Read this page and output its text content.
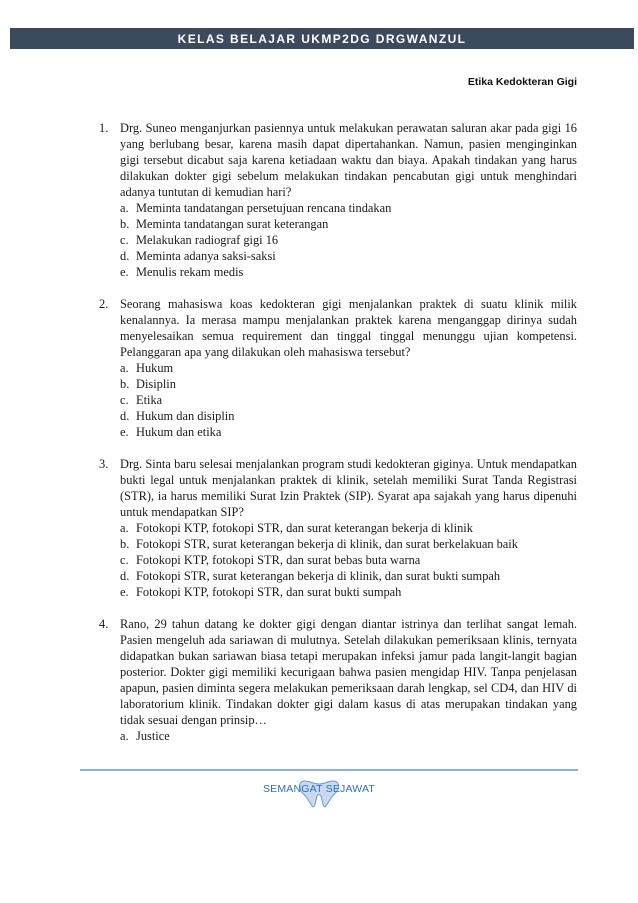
KELAS BELAJAR UKMP2DG DRGWANZUL
Etika Kedokteran Gigi
1. Drg. Suneo menganjurkan pasiennya untuk melakukan perawatan saluran akar pada gigi 16 yang berlubang besar, karena masih dapat dipertahankan. Namun, pasien menginginkan gigi tersebut dicabut saja karena ketiadaan waktu dan biaya. Apakah tindakan yang harus dilakukan dokter gigi sebelum melakukan tindakan pencabutan gigi untuk menghindari adanya tuntutan di kemudian hari?
a. Meminta tandatangan persetujuan rencana tindakan
b. Meminta tandatangan surat keterangan
c. Melakukan radiograf gigi 16
d. Meminta adanya saksi-saksi
e. Menulis rekam medis
2. Seorang mahasiswa koas kedokteran gigi menjalankan praktek di suatu klinik milik kenalannya. Ia merasa mampu menjalankan praktek karena menganggap dirinya sudah menyelesaikan semua requirement dan tinggal tinggal menunggu ujian kompetensi. Pelanggaran apa yang dilakukan oleh mahasiswa tersebut?
a. Hukum
b. Disiplin
c. Etika
d. Hukum dan disiplin
e. Hukum dan etika
3. Drg. Sinta baru selesai menjalankan program studi kedokteran giginya. Untuk mendapatkan bukti legal untuk menjalankan praktek di klinik, setelah memiliki Surat Tanda Registrasi (STR), ia harus memiliki Surat Izin Praktek (SIP). Syarat apa sajakah yang harus dipenuhi untuk mendapatkan SIP?
a. Fotokopi KTP, fotokopi STR, dan surat keterangan bekerja di klinik
b. Fotokopi STR, surat keterangan bekerja di klinik, dan surat berkelakuan baik
c. Fotokopi KTP, fotokopi STR, dan surat bebas buta warna
d. Fotokopi STR, surat keterangan bekerja di klinik, dan surat bukti sumpah
e. Fotokopi KTP, fotokopi STR, dan surat bukti sumpah
4. Rano, 29 tahun datang ke dokter gigi dengan diantar istrinya dan terlihat sangat lemah. Pasien mengeluh ada sariawan di mulutnya. Setelah dilakukan pemeriksaan klinis, ternyata didapatkan bukan sariawan biasa tetapi merupakan infeksi jamur pada langit-langit bagian posterior. Dokter gigi memiliki kecurigaan bahwa pasien mengidap HIV. Tanpa penjelasan apapun, pasien diminta segera melakukan pemeriksaan darah lengkap, sel CD4, dan HIV di laboratorium klinik. Tindakan dokter gigi dalam kasus di atas merupakan tindakan yang tidak sesuai dengan prinsip…
a. Justice
SEMANGAT SEJAWAT
